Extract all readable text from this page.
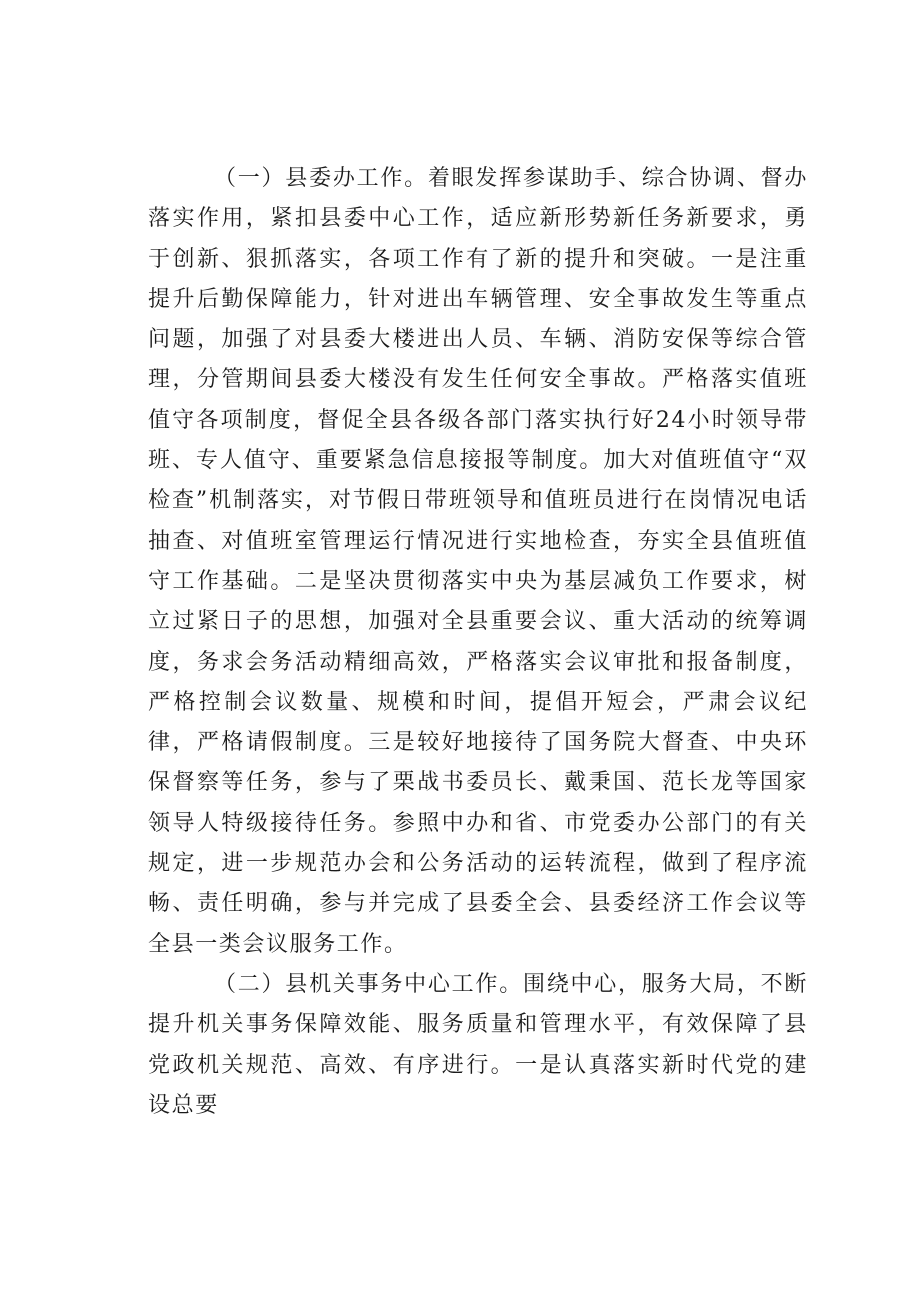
（一）县委办工作。着眼发挥参谋助手、综合协调、督办落实作用，紧扣县委中心工作，适应新形势新任务新要求，勇于创新、狠抓落实，各项工作有了新的提升和突破。一是注重提升后勤保障能力，针对进出车辆管理、安全事故发生等重点问题，加强了对县委大楼进出人员、车辆、消防安保等综合管理，分管期间县委大楼没有发生任何安全事故。严格落实值班值守各项制度，督促全县各级各部门落实执行好24小时领导带班、专人值守、重要紧急信息接报等制度。加大对值班值守“双检查”机制落实，对节假日带班领导和值班员进行在岗情况电话抽查、对值班室管理运行情况进行实地检查，夯实全县值班值守工作基础。二是坚决贯彻落实中央为基层减负工作要求，树立过紧日子的思想，加强对全县重要会议、重大活动的统筹调度，务求会务活动精细高效，严格落实会议审批和报备制度，严格控制会议数量、规模和时间，提倡开短会，严肃会议纪律，严格请假制度。三是较好地接待了国务院大督查、中央环保督察等任务，参与了栗战书委员长、戴秉国、范长龙等国家领导人特级接待任务。参照中办和省、市党委办公部门的有关规定，进一步规范办会和公务活动的运转流程，做到了程序流畅、责任明确，参与并完成了县委全会、县委经济工作会议等全县一类会议服务工作。

（二）县机关事务中心工作。围绕中心，服务大局，不断提升机关事务保障效能、服务质量和管理水平，有效保障了县党政机关规范、高效、有序进行。一是认真落实新时代党的建设总要
